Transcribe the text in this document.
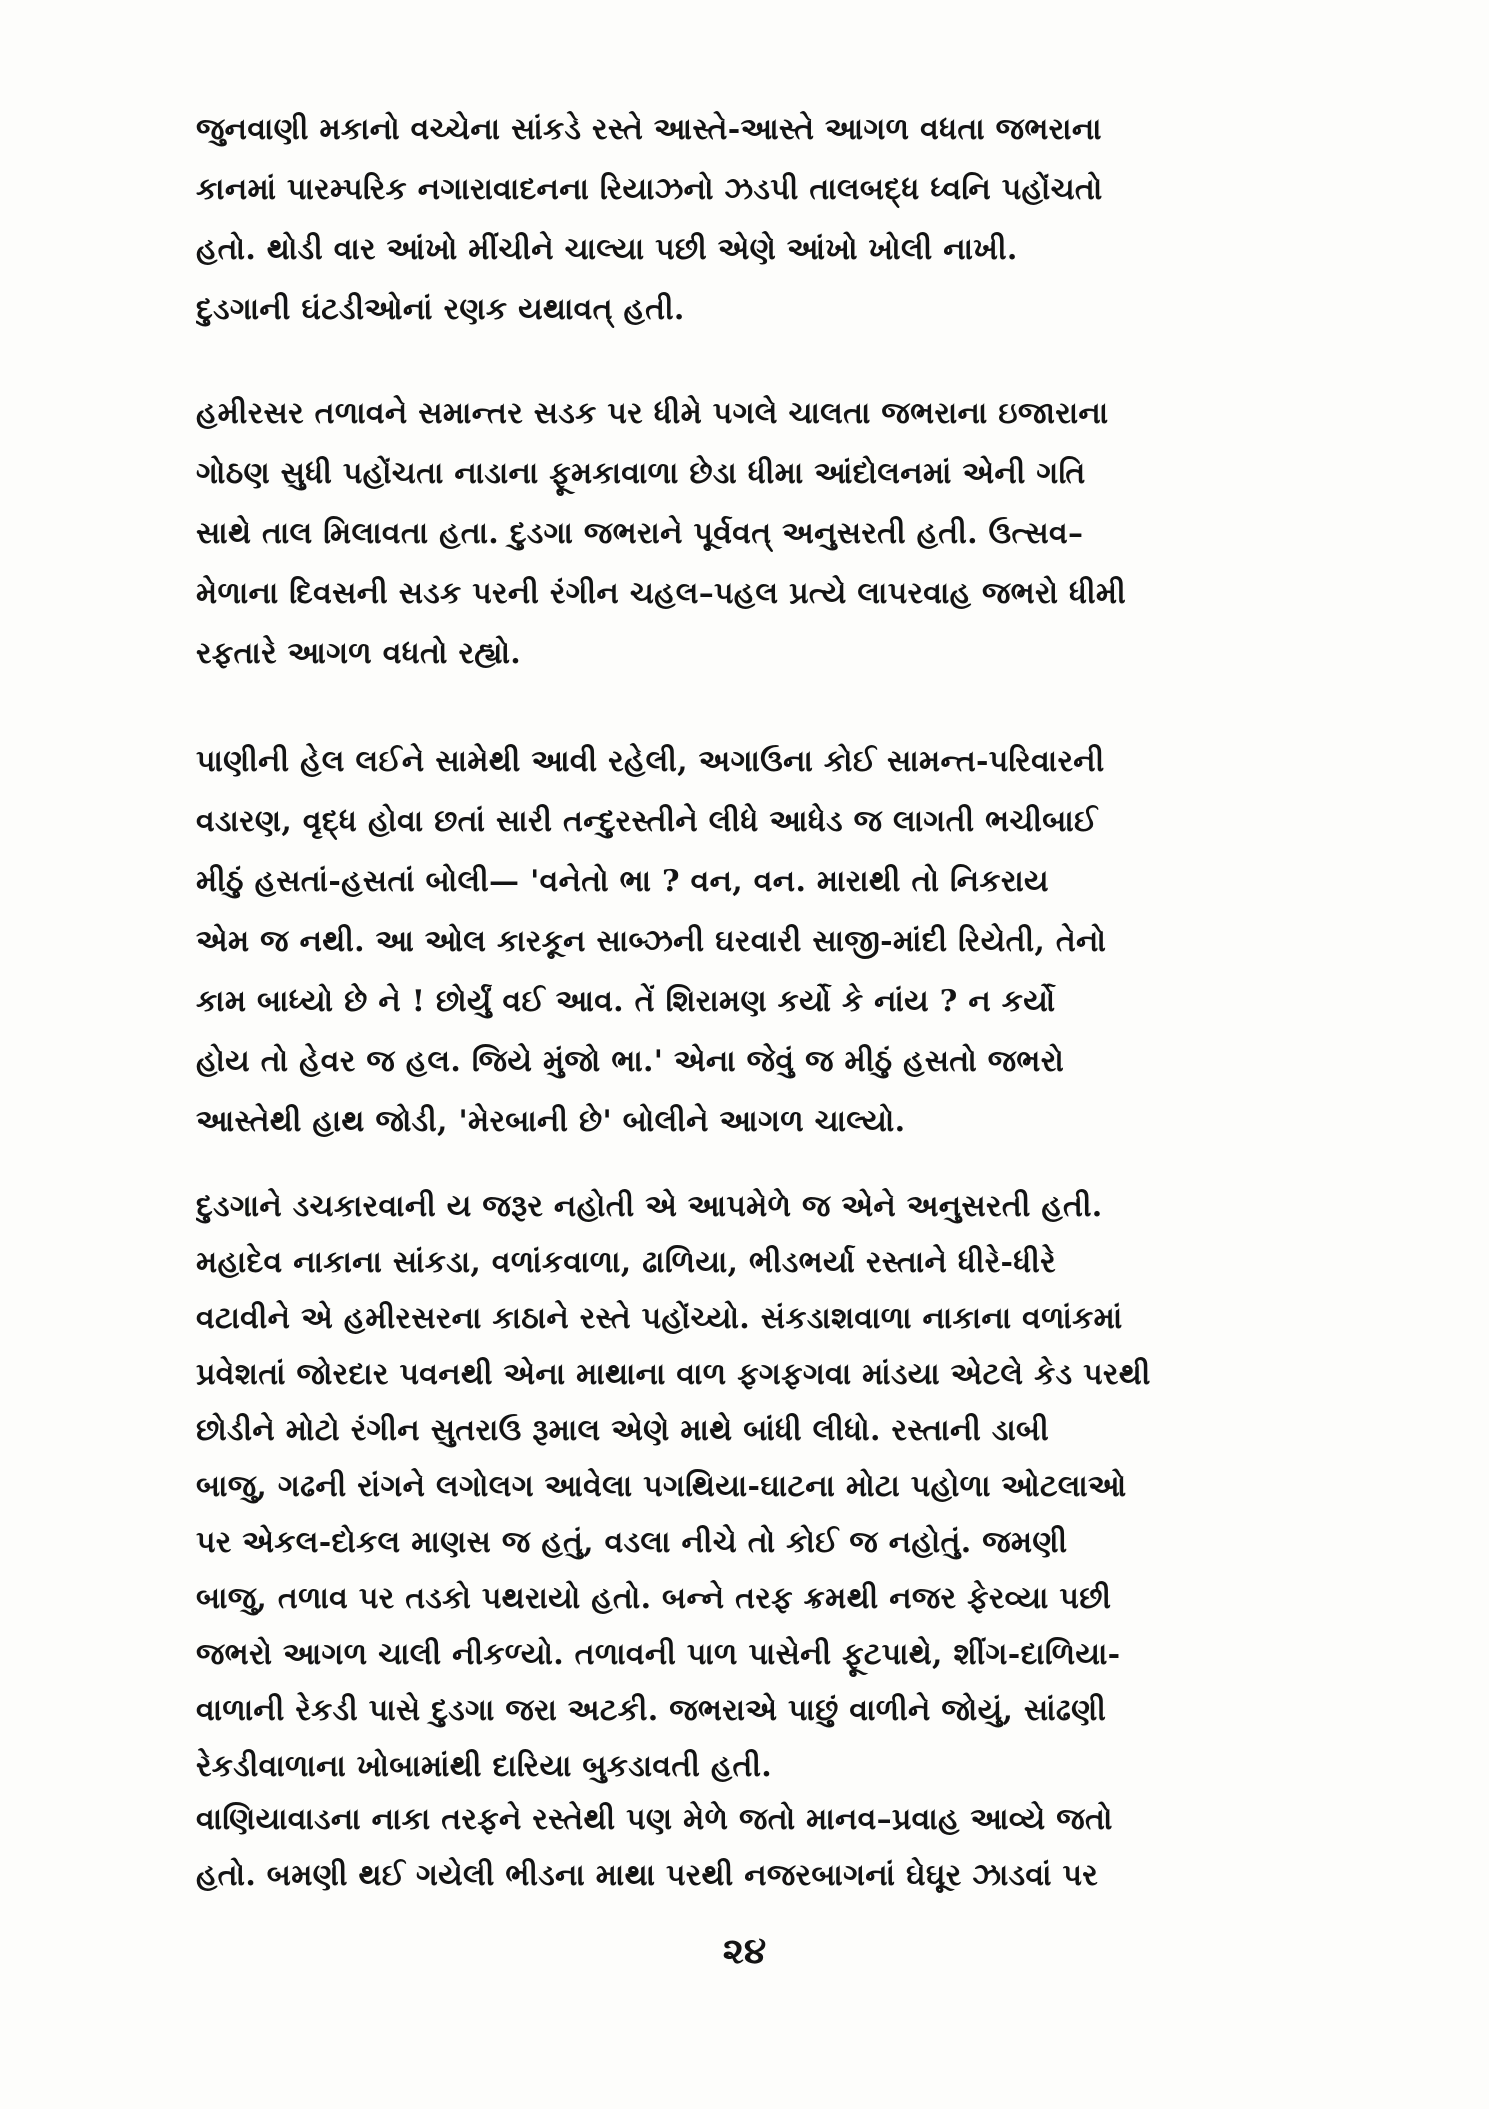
જુનવાણી મકાનો વચ્ચેના સાંકડે રસ્તે આસ્તે-આસ્તે આગળ વધતા જભરાના
કાનમાં પારમ્પરિક નગારાવાદનના રિયાઝનો ઝડપી તાલબદ્ધ ધ્વનિ પહોંચતો
હતો. થોડી વાર આંખો મીંચીને ચાલ્યા પછી એણે આંખો ખોલી નાખી.
દુડગાની ઘંટડીઓનાં રણક યથાવત્ હતી.
હમીરસર તળાવને સમાન્તર સડક પર ધીમે પગલે ચાલતા જભરાના ઇજારાના
ગોઠણ સુધી પહોંચતા નાડાના ફૂમકાવાળા છેડા ધીમા આંદોલનમાં એની ગતિ
સાથે તાલ મિલાવતા હતા. દુડગા જભરાને પૂર્વવત્ અનુસરતી હતી. ઉત્સવ–
મેળાના દિવસની સડક પરની રંગીન ચહલ–પહલ પ્રત્યે લાપરવાહ જભરો ધીમી
રફતારે આગળ વધતો રહ્યો.
પાણીની હેલ લઈને સામેથી આવી રહેલી, અગાઉના કોઈ સામન્ત-પરિવારની
વડારણ, વૃદ્ધ હોવા છતાં સારી તન્દુરસ્તીને લીધે આધેડ જ લાગતી ભચીબાઈ
મીઠું હસતાં-હસતાં બોલી— 'વનેતો ભા ? વન, વન. મારાથી તો નિકરાય
એમ જ નથી. આ ઓલ કારકૂન સાબ્ઝની ઘરવારી સાજી-માંદી રિયેતી, તેનો
કામ બાધ્યો છે ને ! છોર્યું વઈ આવ. તેં શિરામણ કર્યો કે નાંય ? ન કર્યો
હોય તો હેવર જ હલ. જિયે મુંજો ભા.' એના જેવું જ મીઠું હસતો જભરો
આસ્તેથી હાથ જોડી, 'મેરબાની છે' બોલીને આગળ ચાલ્યો.
દુડગાને ડચકારવાની ય જરૂર નહોતી એ આપમેળે જ એને અનુસરતી હતી.
મહાદેવ નાકાના સાંકડા, વળાંકવાળા, ઢાળિયા, ભીડભર્યા રસ્તાને ધીરે-ધીરે
વટાવીને એ હમીરસરના કાઠાને રસ્તે પહોંચ્યો. સંકડાશવાળા નાકાના વળાંકમાં
પ્રવેશતાં જોરદાર પવનથી એના માથાના વાળ ફગફગવા માંડયા એટલે કેડ પરથી
છોડીને મોટો રંગીન સુતરાઉ રૂમાલ એણે માથે બાંધી લીધો. રસ્તાની ડાબી
બાજુ, ગઢની રાંગને લગોલગ આવેલા પગથિયા-ઘાટના મોટા પહોળા ઓટલાઓ
પર એકલ-દોકલ માણસ જ હતું, વડલા નીચે તો કોઈ જ નહોતું. જમણી
બાજુ, તળાવ પર તડકો પથરાયો હતો. બન્ને તરફ ક્રમથી નજર ફેરવ્યા પછી
જભરો આગળ ચાલી નીકળ્યો. તળાવની પાળ પાસેની ફૂટપાથે, શીંગ-દાળિયા-
વાળાની રેકડી પાસે દુડગા જરા અટકી. જભરાએ પાછું વાળીને જોયું, સાંઢણી
રેકડીવાળાના ખોબામાંથી દારિયા બુકડાવતી હતી.
વાણિયાવાડના નાકા તરફને રસ્તેથી પણ મેળે જતો માનવ–પ્રવાહ આવ્યે જતો
હતો. બમણી થઈ ગયેલી ભીડના માથા પરથી નજરબાગનાં ઘેઘૂર ઝાડવાં પર
૨૪
